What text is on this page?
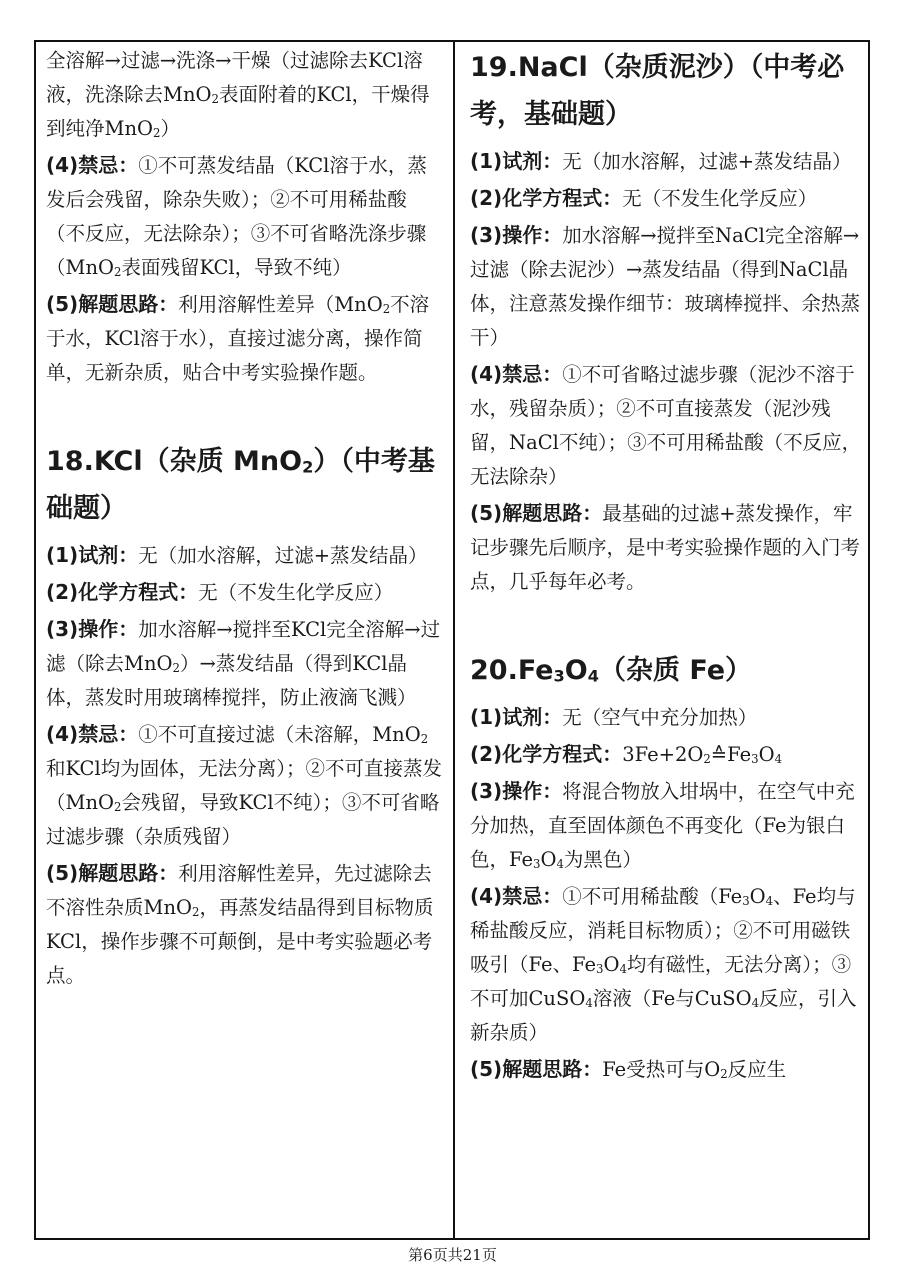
全溶解→过滤→洗涤→干燥（过滤除去KCl溶液，洗涤除去MnO$_2$表面附着的KCl，干燥得到纯净MnO$_2$）

(4)禁忌：①不可蒸发结晶（KCl溶于水，蒸发后会残留，除杂失败）；②不可用稀盐酸（不反应，无法除杂）；③不可省略洗涤步骤（MnO$_2$表面残留KCl，导致不纯）

(5)解题思路：利用溶解性差异（MnO$_2$不溶于水，KCl溶于水），直接过滤分离，操作简单，无新杂质，贴合中考实验操作题。

18.KCl（杂质 MnO$_2$）（中考基础题）

(1)试剂：无（加水溶解，过滤+蒸发结晶）

(2)化学方程式：无（不发生化学反应）

(3)操作：加水溶解→搅拌至KCl完全溶解→过滤（除去MnO$_2$）→蒸发结晶（得到KCl晶体，蒸发时用玻璃棒搅拌，防止液滴飞溅）

(4)禁忌：①不可直接过滤（未溶解，MnO$_2$和KCl均为固体，无法分离）；②不可直接蒸发（MnO$_2$会残留，导致KCl不纯）；③不可省略过滤步骤（杂质残留）

(5)解题思路：利用溶解性差异，先过滤除去不溶性杂质MnO$_2$，再蒸发结晶得到目标物质KCl，操作步骤不可颠倒，是中考实验题必考点。

19.NaCl（杂质泥沙）（中考必考，基础题）

(1)试剂：无（加水溶解，过滤+蒸发结晶）

(2)化学方程式：无（不发生化学反应）

(3)操作：加水溶解→搅拌至NaCl完全溶解→过滤（除去泥沙）→蒸发结晶（得到NaCl晶体，注意蒸发操作细节：玻璃棒搅拌、余热蒸干）

(4)禁忌：①不可省略过滤步骤（泥沙不溶于水，残留杂质）；②不可直接蒸发（泥沙残留，NaCl不纯）；③不可用稀盐酸（不反应，无法除杂）

(5)解题思路：最基础的过滤+蒸发操作，牢记步骤先后顺序，是中考实验操作题的入门考点，几乎每年必考。

$20.Fe_3O_4$（杂质 Fe）

(1)试剂：无（空气中充分加热）

(2)化学方程式：$3Fe+2O_2≙Fe_3O_4$

(3)操作：将混合物放入坩埚中，在空气中充分加热，直至固体颜色不再变化（Fe为银白色，$Fe_3O_4$为黑色）

(4)禁忌：①不可用稀盐酸（$Fe_3O_4$、Fe均与稀盐酸反应，消耗目标物质）；②不可用磁铁吸引（Fe、$Fe_3O_4$均有磁性，无法分离）；③不可加CuSO$_4$溶液（Fe与CuSO$_4$反应，引入新杂质）

(5)解题思路：Fe受热可与$O_2$反应生

第6页共21页
